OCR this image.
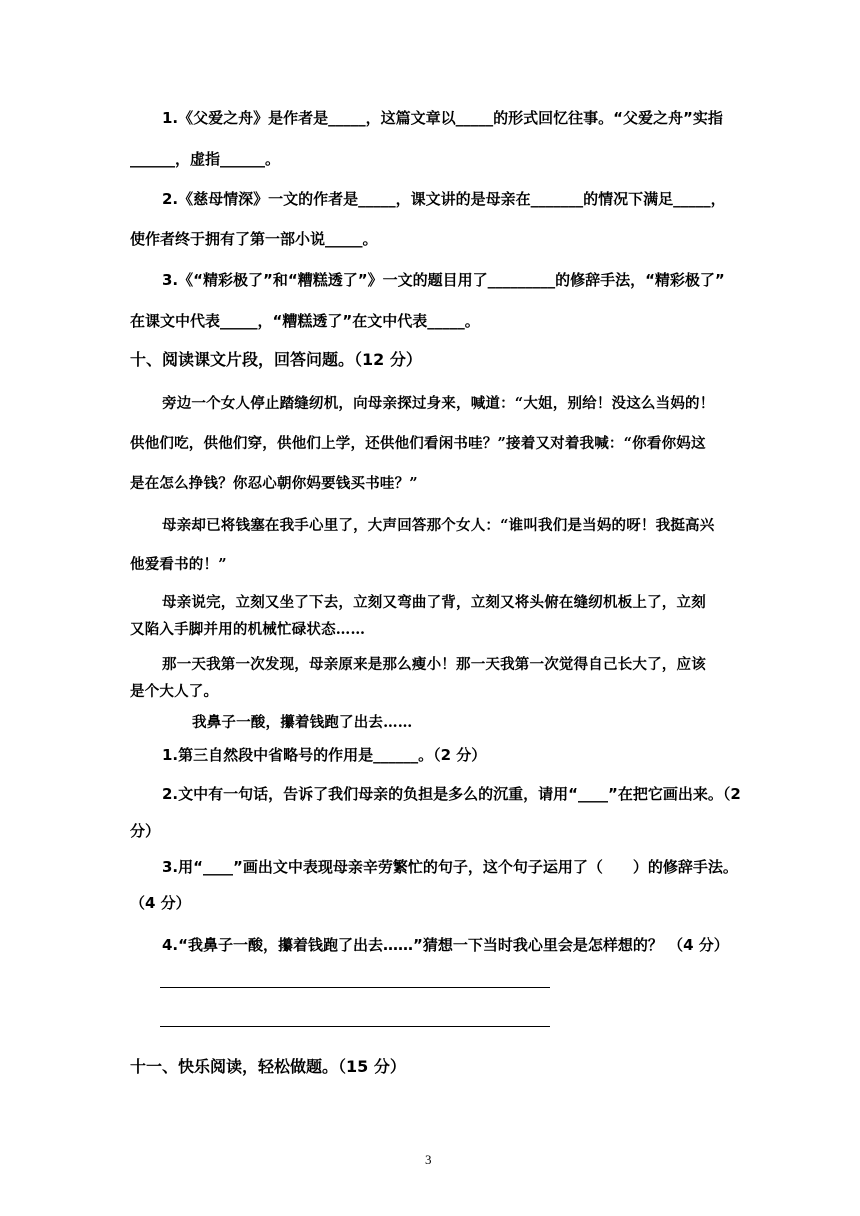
1.《父爱之舟》是作者是_____，这篇文章以_____的形式回忆往事。“父爱之舟”实指
______，虚指______。
2.《慈母情深》一文的作者是_____，课文讲的是母亲在_______的情况下满足_____，
使作者终于拥有了第一部小说_____。
3.《“精彩极了”和“糟糕透了”》一文的题目用了_________的修辞手法，“精彩极了”
在课文中代表_____，“糟糕透了”在文中代表_____。
十、阅读课文片段，回答问题。（12 分）
旁边一个女人停止踏缝纫机，向母亲探过身来，喊道：“大姐，别给！没这么当妈的！
供他们吃，供他们穿，供他们上学，还供他们看闲书哇？”接着又对着我喊：“你看你妈这
是在怎么挣钱？你忍心朝你妈要钱买书哇？”
母亲却已将钱塞在我手心里了，大声回答那个女人：“谁叫我们是当妈的呀！我挺高兴
他爱看书的！”
母亲说完，立刻又坐了下去，立刻又弯曲了背，立刻又将头俯在缝纫机板上了，立刻
又陷入手脚并用的机械忙碌状态……
那一天我第一次发现，母亲原来是那么瘦小！那一天我第一次觉得自己长大了，应该
是个大人了。
我鼻子一酸，攥着钱跑了出去……
1.第三自然段中省略号的作用是______。（2 分）
2.文中有一句话，告诉了我们母亲的负担是多么的沉重，请用“____”在把它画出来。（2
分）
3.用“____”画出文中表现母亲辛劳繁忙的句子，这个句子运用了（　　）的修辞手法。
（4 分）
4.“我鼻子一酸，攥着钱跑了出去……”猜想一下当时我心里会是怎样想的？ （4 分）
十一、快乐阅读，轻松做题。（15 分）
3
